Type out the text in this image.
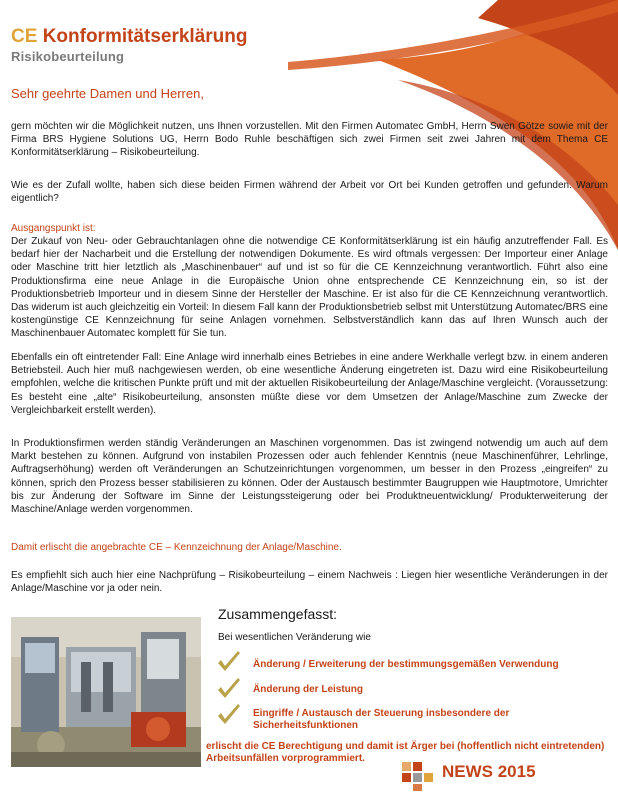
CE Konformitätserklärung
Risikobeurteilung
Sehr geehrte Damen und Herren,
gern möchten wir die Möglichkeit nutzen, uns Ihnen vorzustellen. Mit den Firmen Automatec GmbH, Herrn Swen Götze sowie mit der Firma BRS Hygiene Solutions UG, Herrn Bodo Ruhle beschäftigen sich zwei Firmen seit zwei Jahren mit dem Thema CE Konformitätserklärung – Risikobeurteilung.
Wie es der Zufall wollte, haben sich diese beiden Firmen während der Arbeit vor Ort bei Kunden getroffen und gefunden. Warum eigentlich?
Ausgangspunkt ist:
Der Zukauf von Neu- oder Gebrauchtanlagen ohne die notwendige CE Konformitätserklärung ist ein häufig anzutreffender Fall. Es bedarf hier der Nacharbeit und die Erstellung der notwendigen Dokumente. Es wird oftmals vergessen: Der Importeur einer Anlage oder Maschine tritt hier letztlich als „Maschinenbauer“ auf und ist so für die CE Kennzeichnung verantwortlich. Führt also eine Produktionsfirma eine neue Anlage in die Europäische Union ohne entsprechende CE Kennzeichnung ein, so ist der Produktionsbetrieb Importeur und in diesem Sinne der Hersteller der Maschine. Er ist also für die CE Kennzeichnung verantwortlich. Das widerum ist auch gleichzeitig ein Vorteil: In diesem Fall kann der Produktionsbetrieb selbst mit Unterstützung Automatec/BRS eine kostengünstige CE Kennzeichnung für seine Anlagen vornehmen. Selbstverständlich kann das auf Ihren Wunsch auch der Maschinenbauer Automatec komplett für Sie tun.
Ebenfalls ein oft eintretender Fall: Eine Anlage wird innerhalb eines Betriebes in eine andere Werkhalle verlegt bzw. in einem anderen Betriebsteil. Auch hier muß nachgewiesen werden, ob eine wesentliche Änderung eingetreten ist. Dazu wird eine Risikobeurteilung empfohlen, welche die kritischen Punkte prüft und mit der aktuellen Risikobeurteilung der Anlage/Maschine vergleicht. (Voraussetzung: Es besteht eine „alte“ Risikobeurteilung, ansonsten müßte diese vor dem Umsetzen der Anlage/Maschine zum Zwecke der Vergleichbarkeit erstellt werden).
In Produktionsfirmen werden ständig Veränderungen an Maschinen vorgenommen. Das ist zwingend notwendig um auch auf dem Markt bestehen zu können. Aufgrund von instabilen Prozessen oder auch fehlender Kenntnis (neue Maschinenführer, Lehrlinge, Auftragserhöhung) werden oft Veränderungen an Schutzeinrichtungen vorgenommen, um besser in den Prozess „eingreifen“ zu können, sprich den Prozess besser stabilisieren zu können. Oder der Austausch bestimmter Baugruppen wie Hauptmotore, Umrichter bis zur Änderung der Software im Sinne der Leistungssteigerung oder bei Produktneuentwicklung/ Produkterweiterung der Maschine/Anlage werden vorgenommen.
Damit erlischt die angebrachte CE – Kennzeichnung der Anlage/Maschine.
Es empfiehlt sich auch hier eine Nachprüfung – Risikobeurteilung – einem Nachweis : Liegen hier wesentliche Veränderungen in der Anlage/Maschine vor ja oder nein.
Zusammengefasst:
Bei wesentlichen Veränderung wie
Änderung / Erweiterung der bestimmungsgemäßen Verwendung
Änderung der Leistung
Eingriffe / Austausch der Steuerung insbesondere der Sicherheitsfunktionen
erlischt die CE Berechtigung und damit ist Ärger bei (hoffentlich nicht eintretenden) Arbeitsunfällen vorprogrammiert.
NEWS 2015
